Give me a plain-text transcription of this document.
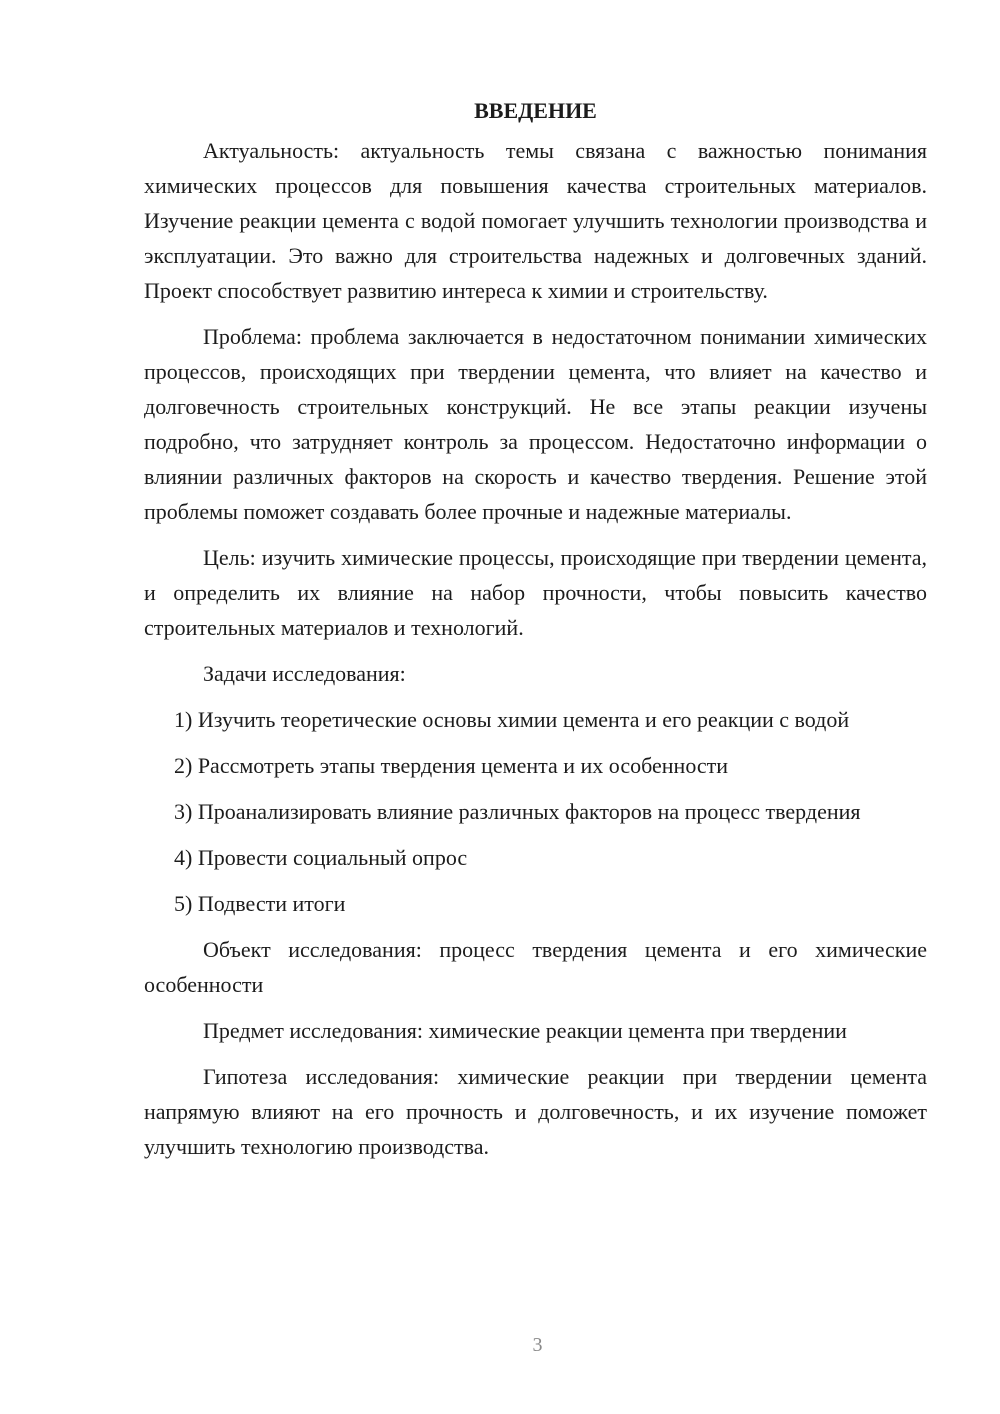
ВВЕДЕНИЕ

Актуальность: актуальность темы связана с важностью понимания химических процессов для повышения качества строительных материалов. Изучение реакции цемента с водой помогает улучшить технологии производства и эксплуатации. Это важно для строительства надежных и долговечных зданий. Проект способствует развитию интереса к химии и строительству.

Проблема: проблема заключается в недостаточном понимании химических процессов, происходящих при твердении цемента, что влияет на качество и долговечность строительных конструкций. Не все этапы реакции изучены подробно, что затрудняет контроль за процессом. Недостаточно информации о влиянии различных факторов на скорость и качество твердения. Решение этой проблемы поможет создавать более прочные и надежные материалы.

Цель: изучить химические процессы, происходящие при твердении цемента, и определить их влияние на набор прочности, чтобы повысить качество строительных материалов и технологий.

Задачи исследования:

1) Изучить теоретические основы химии цемента и его реакции с водой

2) Рассмотреть этапы твердения цемента и их особенности

3) Проанализировать влияние различных факторов на процесс твердения

4) Провести социальный опрос

5) Подвести итоги

Объект исследования: процесс твердения цемента и его химические особенности

Предмет исследования: химические реакции цемента при твердении

Гипотеза исследования: химические реакции при твердении цемента напрямую влияют на его прочность и долговечность, и их изучение поможет улучшить технологию производства.

3
